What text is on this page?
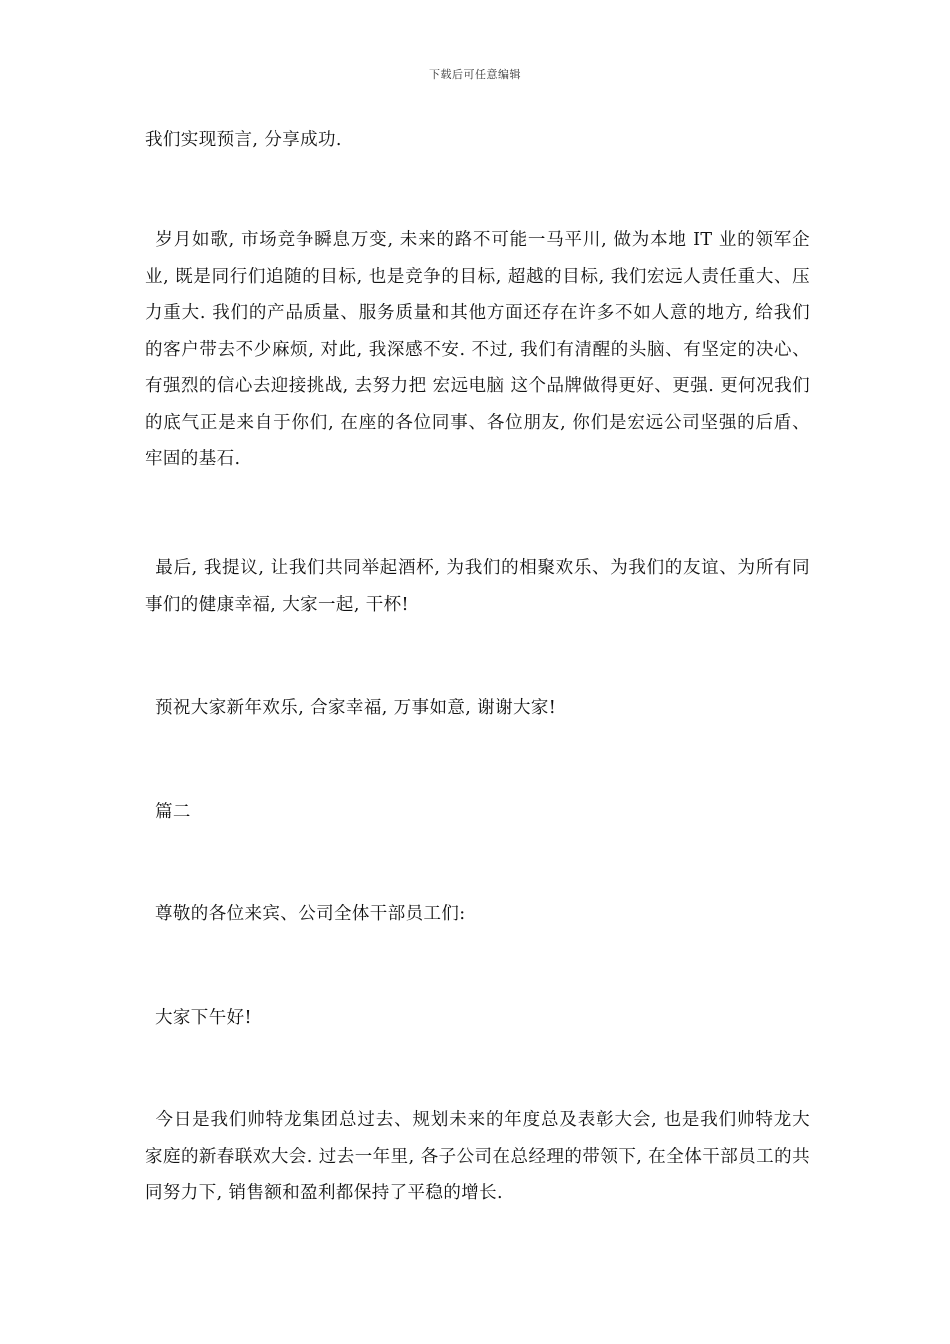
下载后可任意编辑

我们实现预言, 分享成功.

岁月如歌, 市场竞争瞬息万变, 未来的路不可能一马平川, 做为本地 IT 业的领军企业, 既是同行们追随的目标, 也是竞争的目标, 超越的目标, 我们宏远人责任重大、压力重大. 我们的产品质量、服务质量和其他方面还存在许多不如人意的地方, 给我们的客户带去不少麻烦, 对此, 我深感不安. 不过, 我们有清醒的头脑、有坚定的决心、有强烈的信心去迎接挑战, 去努力把 宏远电脑 这个品牌做得更好、更强. 更何况我们的底气正是来自于你们, 在座的各位同事、各位朋友, 你们是宏远公司坚强的后盾、牢固的基石.

最后, 我提议, 让我们共同举起酒杯, 为我们的相聚欢乐、为我们的友谊、为所有同事们的健康幸福, 大家一起, 干杯!

预祝大家新年欢乐, 合家幸福, 万事如意, 谢谢大家!

篇二

尊敬的各位来宾、公司全体干部员工们:

大家下午好!

今日是我们帅特龙集团总过去、规划未来的年度总及表彰大会, 也是我们帅特龙大家庭的新春联欢大会. 过去一年里, 各子公司在总经理的带领下, 在全体干部员工的共同努力下, 销售额和盈利都保持了平稳的增长.
